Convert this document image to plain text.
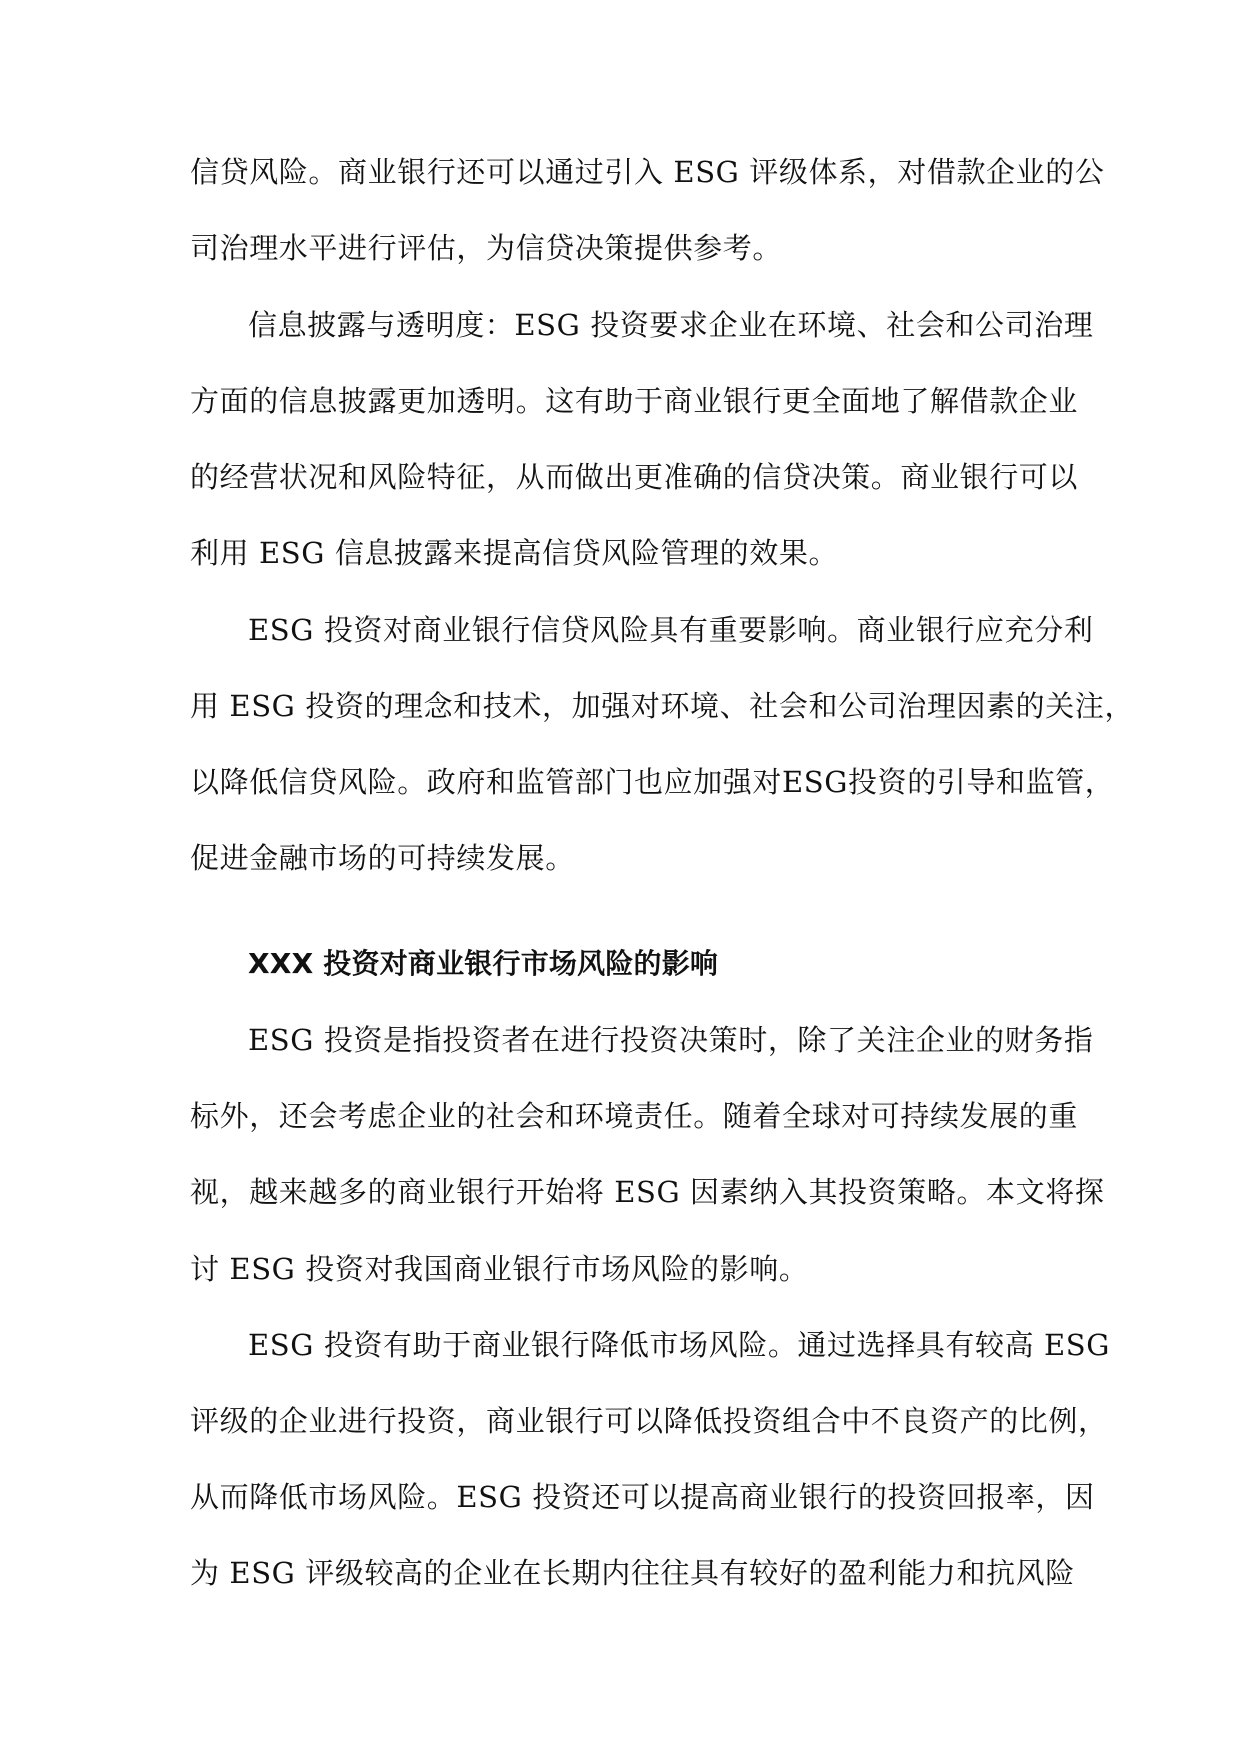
信贷风险。商业银行还可以通过引入 ESG 评级体系，对借款企业的公
司治理水平进行评估，为信贷决策提供参考。
信息披露与透明度：ESG 投资要求企业在环境、社会和公司治理
方面的信息披露更加透明。这有助于商业银行更全面地了解借款企业
的经营状况和风险特征，从而做出更准确的信贷决策。商业银行可以
利用 ESG 信息披露来提高信贷风险管理的效果。
ESG 投资对商业银行信贷风险具有重要影响。商业银行应充分利
用 ESG 投资的理念和技术，加强对环境、社会和公司治理因素的关注，
以降低信贷风险。政府和监管部门也应加强对ESG投资的引导和监管，
促进金融市场的可持续发展。
XXX 投资对商业银行市场风险的影响
ESG 投资是指投资者在进行投资决策时，除了关注企业的财务指
标外，还会考虑企业的社会和环境责任。随着全球对可持续发展的重
视，越来越多的商业银行开始将 ESG 因素纳入其投资策略。本文将探
讨 ESG 投资对我国商业银行市场风险的影响。
ESG 投资有助于商业银行降低市场风险。通过选择具有较高 ESG
评级的企业进行投资，商业银行可以降低投资组合中不良资产的比例，
从而降低市场风险。ESG 投资还可以提高商业银行的投资回报率，因
为 ESG 评级较高的企业在长期内往往具有较好的盈利能力和抗风险
